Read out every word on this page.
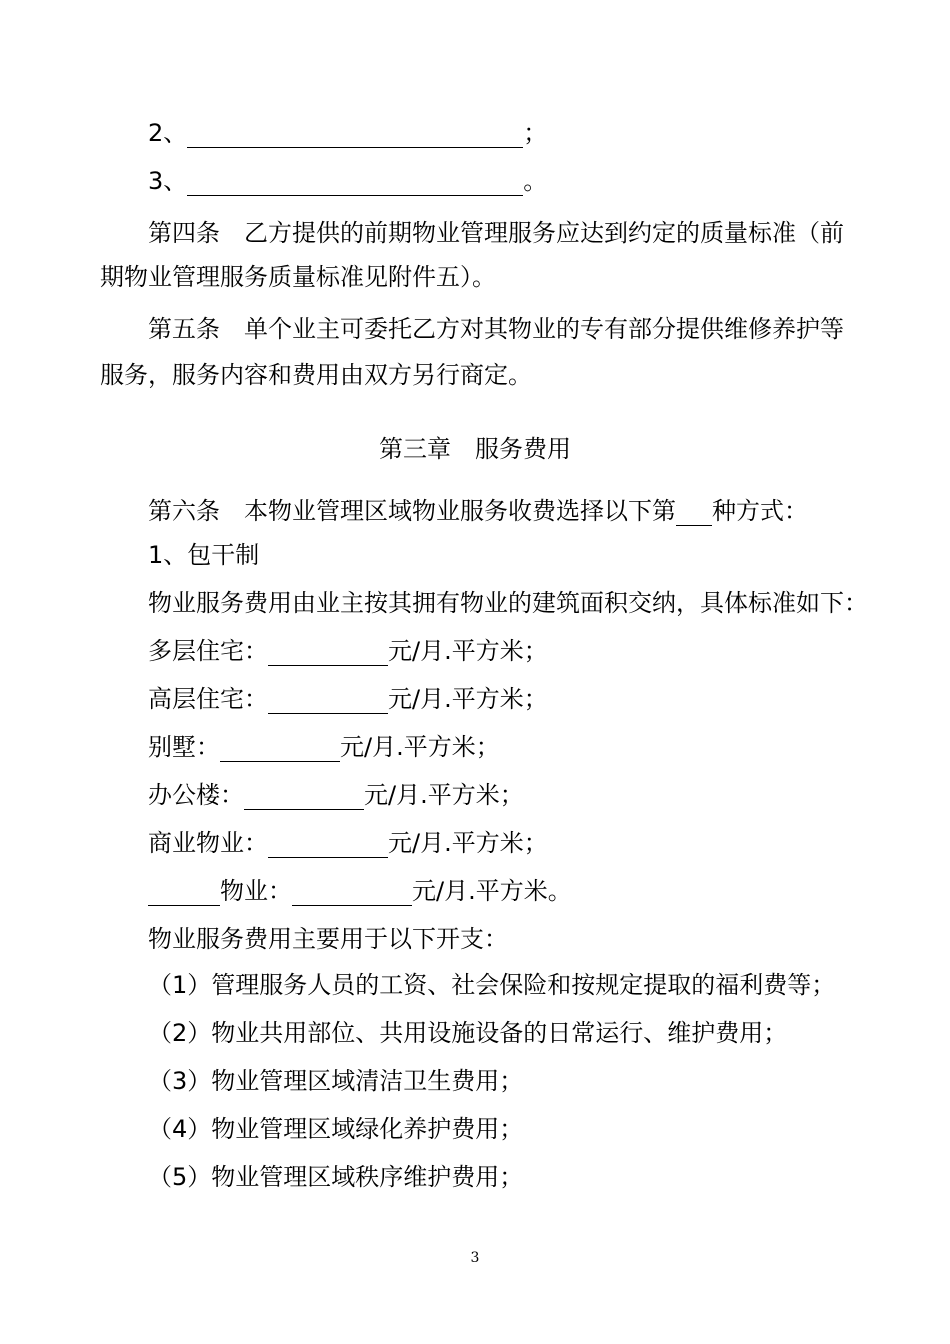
2、	；
3、	。
第四条 乙方提供的前期物业管理服务应达到约定的质量标准（前
期物业管理服务质量标准见附件五）。
第五条 单个业主可委托乙方对其物业的专有部分提供维修养护等
服务，服务内容和费用由双方另行商定。
第三章　服务费用
第六条 本物业管理区域物业服务收费选择以下第 种方式：
1、包干制
物业服务费用由业主按其拥有物业的建筑面积交纳，具体标准如下：
多层住宅：	元/月.平方米；
高层住宅：	元/月.平方米；
别墅：	元/月.平方米；
办公楼：	元/月.平方米；
商业物业：	元/月.平方米；
物业：	元/月.平方米。
物业服务费用主要用于以下开支：
（1）管理服务人员的工资、社会保险和按规定提取的福利费等；
（2）物业共用部位、共用设施设备的日常运行、维护费用；
（3）物业管理区域清洁卫生费用；
（4）物业管理区域绿化养护费用；
（5）物业管理区域秩序维护费用；
3
